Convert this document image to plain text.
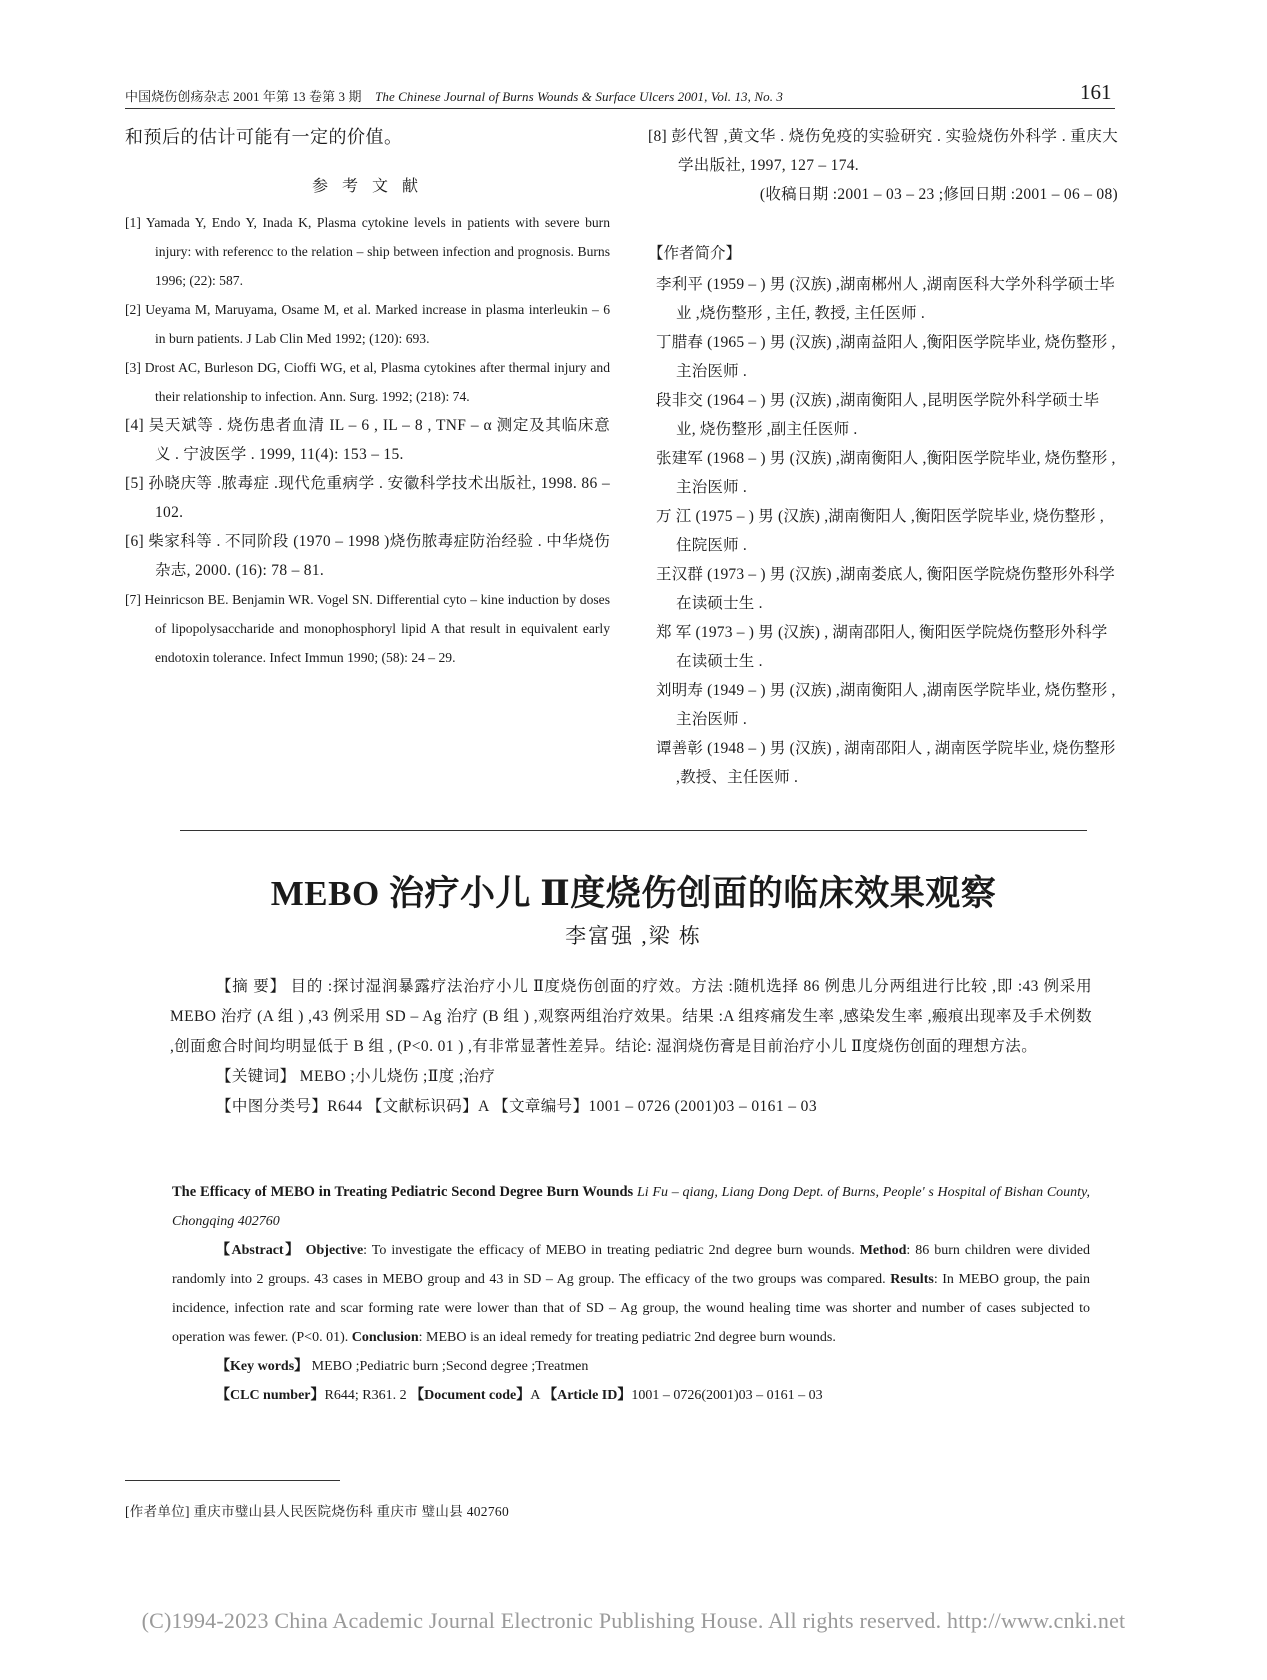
中国烧伤创疡杂志 2001 年第 13 卷第 3 期 The Chinese Journal of Burns Wounds & Surface Ulcers 2001, Vol. 13, No. 3	161

和预后的估计可能有一定的价值。

参 考 文 献

[1] Yamada Y, Endo Y, Inada K, Plasma cytokine levels in patients with severe burn injury: with referencc to the relation – ship between infection and prognosis. Burns 1996; (22): 587.

[2] Ueyama M, Maruyama, Osame M, et al. Marked increase in plasma interleukin – 6 in burn patients. J Lab Clin Med 1992; (120): 693.

[3] Drost AC, Burleson DG, Cioffi WG, et al, Plasma cytokines after thermal injury and their relationship to infection. Ann. Surg. 1992; (218): 74.

[4] 吴天斌等 . 烧伤患者血清 IL – 6 , IL – 8 , TNF – α 测定及其临床意义 . 宁波医学 . 1999, 11(4): 153 – 15.

[5] 孙晓庆等 .脓毒症 .现代危重病学 . 安徽科学技术出版社, 1998. 86 – 102.

[6] 柴家科等 . 不同阶段 (1970 – 1998 )烧伤脓毒症防治经验 . 中华烧伤杂志, 2000. (16): 78 – 81.

[7] Heinricson BE. Benjamin WR. Vogel SN. Differential cyto – kine induction by doses of lipopolysaccharide and monophosphoryl lipid A that result in equivalent early endotoxin tolerance. Infect Immun 1990; (58): 24 – 29.

[8] 彭代智 ,黄文华 . 烧伤免疫的实验研究 . 实验烧伤外科学 . 重庆大学出版社, 1997, 127 – 174.

(收稿日期 :2001 – 03 – 23 ;修回日期 :2001 – 06 – 08)

【作者简介】

李利平 (1959 – ) 男 (汉族) ,湖南郴州人 ,湖南医科大学外科学硕士毕业 ,烧伤整形 , 主任, 教授, 主任医师 .

丁腊春 (1965 – ) 男 (汉族) ,湖南益阳人 ,衡阳医学院毕业, 烧伤整形 ,主治医师 .

段非交 (1964 – ) 男 (汉族) ,湖南衡阳人 ,昆明医学院外科学硕士毕业, 烧伤整形 ,副主任医师 .

张建军 (1968 – ) 男 (汉族) ,湖南衡阳人 ,衡阳医学院毕业, 烧伤整形 ,主治医师 .

万 江 (1975 – ) 男 (汉族) ,湖南衡阳人 ,衡阳医学院毕业, 烧伤整形 ,住院医师 .

王汉群 (1973 – ) 男 (汉族) ,湖南娄底人, 衡阳医学院烧伤整形外科学在读硕士生 .

郑 军 (1973 – ) 男 (汉族) , 湖南邵阳人, 衡阳医学院烧伤整形外科学在读硕士生 .

刘明寿 (1949 – ) 男 (汉族) ,湖南衡阳人 ,湖南医学院毕业, 烧伤整形 ,主治医师 .

谭善彰 (1948 – ) 男 (汉族) , 湖南邵阳人 , 湖南医学院毕业, 烧伤整形 ,教授、主任医师 .

MEBO 治疗小儿 Ⅱ度烧伤创面的临床效果观察
李富强 ,梁 栋

【摘 要】 目的 :探讨湿润暴露疗法治疗小儿 Ⅱ度烧伤创面的疗效。方法 :随机选择 86 例患儿分两组进行比较 ,即 :43 例采用 MEBO 治疗 (A 组 ) ,43 例采用 SD – Ag 治疗 (B 组 ) ,观察两组治疗效果。结果 :A 组疼痛发生率 ,感染发生率 ,瘢痕出现率及手术例数 ,创面愈合时间均明显低于 B 组 , (P<0. 01 ) ,有非常显著性差异。结论: 湿润烧伤膏是目前治疗小儿 Ⅱ度烧伤创面的理想方法。

【关键词】 MEBO ;小儿烧伤 ;Ⅱ度 ;治疗

【中图分类号】R644 【文献标识码】A 【文章编号】1001 – 0726 (2001)03 – 0161 – 03

The Efficacy of MEBO in Treating Pediatric Second Degree Burn Wounds Li Fu – qiang, Liang Dong Dept. of Burns, People' s Hospital of Bishan County, Chongqing 402760

【Abstract】 Objective: To investigate the efficacy of MEBO in treating pediatric 2nd degree burn wounds. Method: 86 burn children were divided randomly into 2 groups. 43 cases in MEBO group and 43 in SD – Ag group. The efficacy of the two groups was compared. Results: In MEBO group, the pain incidence, infection rate and scar forming rate were lower than that of SD – Ag group, the wound healing time was shorter and number of cases subjected to operation was fewer. (P<0. 01). Conclusion: MEBO is an ideal remedy for treating pediatric 2nd degree burn wounds.

【Key words】 MEBO ;Pediatric burn ;Second degree ;Treatmen

【CLC number】R644; R361. 2 【Document code】A 【Article ID】1001 – 0726(2001)03 – 0161 – 03

[作者单位] 重庆市璧山县人民医院烧伤科 重庆市 璧山县 402760
(C)1994-2023 China Academic Journal Electronic Publishing House. All rights reserved. http://www.cnki.net
